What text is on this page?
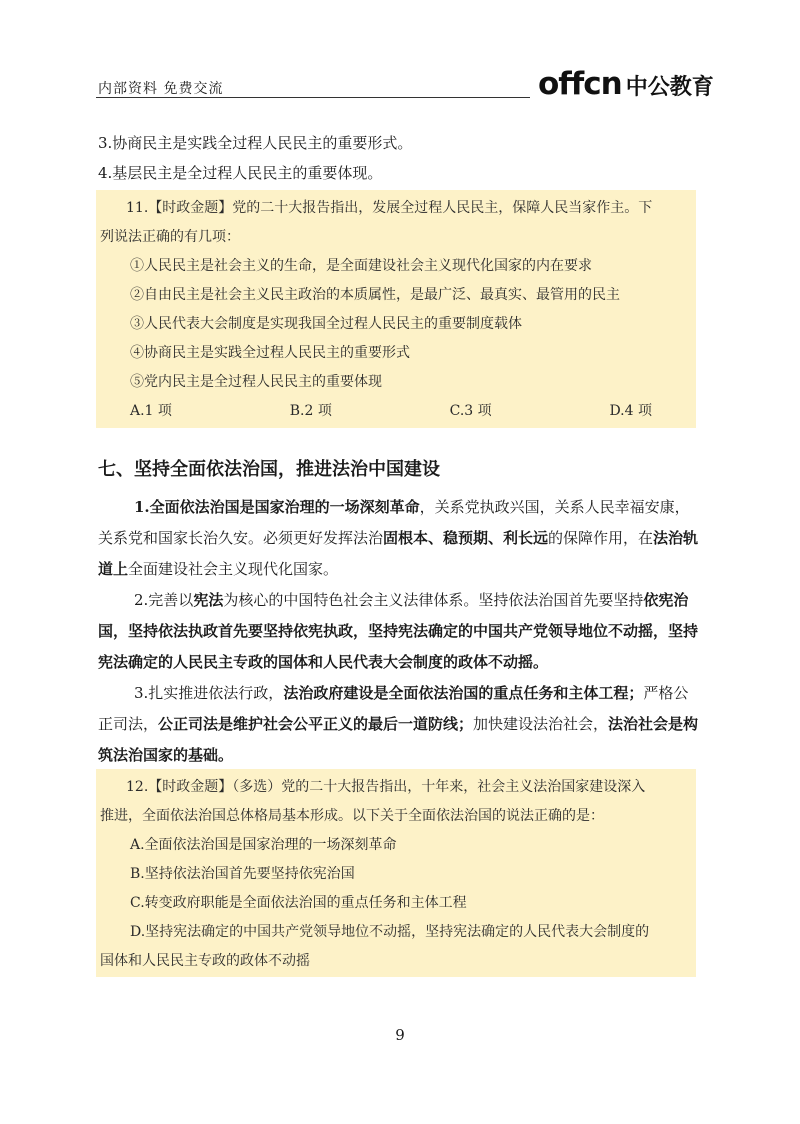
内部资料 免费交流	offcn 中公教育
3.协商民主是实践全过程人民民主的重要形式。
4.基层民主是全过程人民民主的重要体现。
11.【时政金题】党的二十大报告指出，发展全过程人民民主，保障人民当家作主。下
列说法正确的有几项：
①人民民主是社会主义的生命，是全面建设社会主义现代化国家的内在要求
②自由民主是社会主义民主政治的本质属性，是最广泛、最真实、最管用的民主
③人民代表大会制度是实现我国全过程人民民主的重要制度载体
④协商民主是实践全过程人民民主的重要形式
⑤党内民主是全过程人民民主的重要体现
A.1 项	B.2 项	C.3 项	D.4 项
七、坚持全面依法治国，推进法治中国建设
1.全面依法治国是国家治理的一场深刻革命，关系党执政兴国，关系人民幸福安康，关系党和国家长治久安。必须更好发挥法治固根本、稳预期、利长远的保障作用，在法治轨道上全面建设社会主义现代化国家。
2.完善以宪法为核心的中国特色社会主义法律体系。坚持依法治国首先要坚持依宪治国，坚持依法执政首先要坚持依宪执政，坚持宪法确定的中国共产党领导地位不动摇，坚持宪法确定的人民民主专政的国体和人民代表大会制度的政体不动摇。
3.扎实推进依法行政，法治政府建设是全面依法治国的重点任务和主体工程；严格公正司法，公正司法是维护社会公平正义的最后一道防线；加快建设法治社会，法治社会是构筑法治国家的基础。
12.【时政金题】（多选）党的二十大报告指出，十年来，社会主义法治国家建设深入
推进，全面依法治国总体格局基本形成。以下关于全面依法治国的说法正确的是：
A.全面依法治国是国家治理的一场深刻革命
B.坚持依法治国首先要坚持依宪治国
C.转变政府职能是全面依法治国的重点任务和主体工程
D.坚持宪法确定的中国共产党领导地位不动摇，坚持宪法确定的人民代表大会制度的
国体和人民民主专政的政体不动摇
9
